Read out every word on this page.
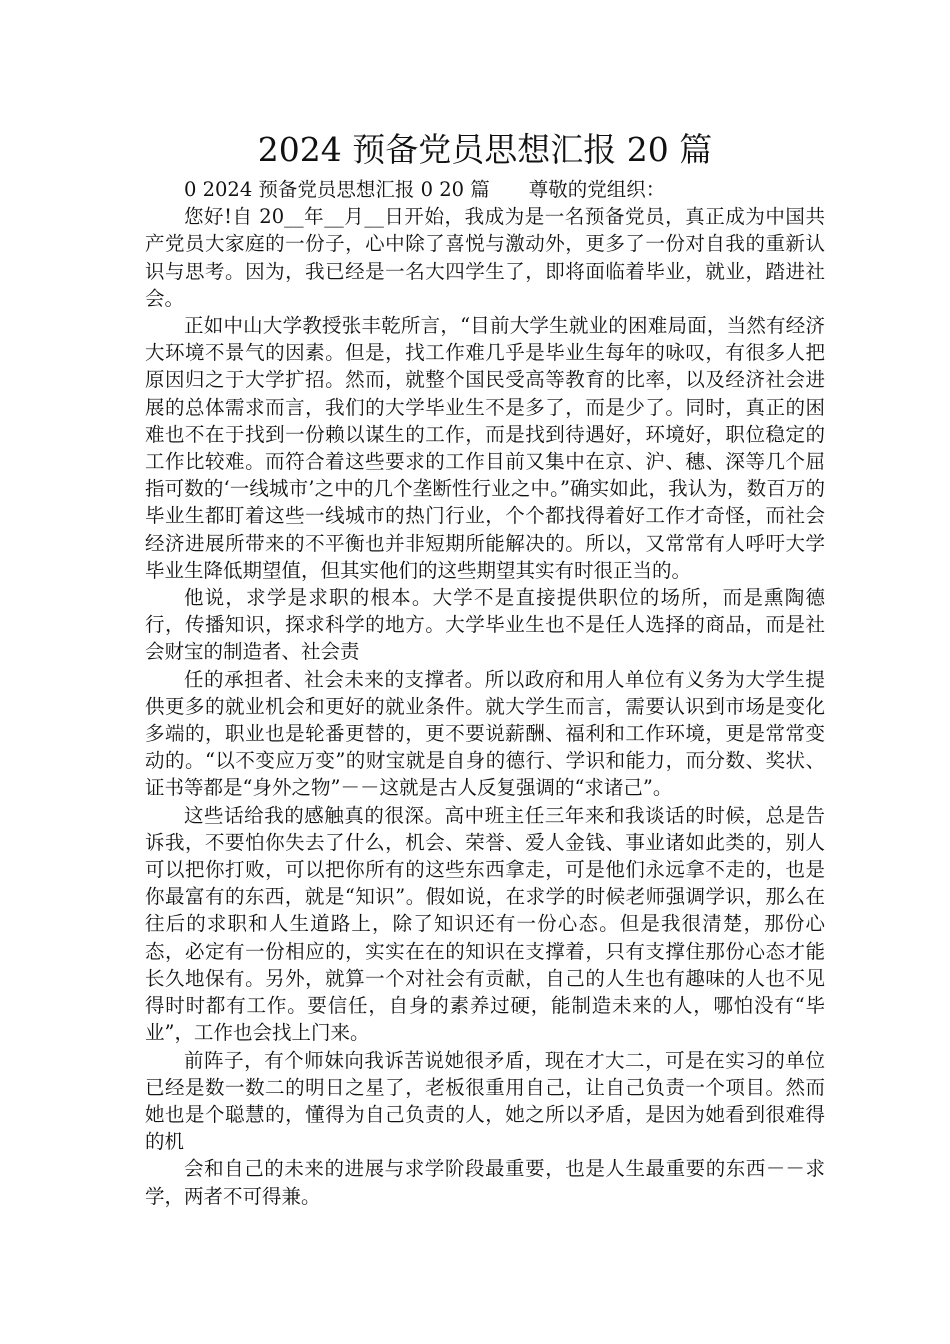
2024 预备党员思想汇报 20 篇

0 2024 预备党员思想汇报 0 20 篇　　尊敬的党组织：

您好!自 20__年__月__日开始，我成为是一名预备党员，真正成为中国共产党员大家庭的一份子，心中除了喜悦与激动外，更多了一份对自我的重新认识与思考。因为，我已经是一名大四学生了，即将面临着毕业，就业，踏进社会。

正如中山大学教授张丰乾所言，“目前大学生就业的困难局面，当然有经济大环境不景气的因素。但是，找工作难几乎是毕业生每年的咏叹，有很多人把原因归之于大学扩招。然而，就整个国民受高等教育的比率，以及经济社会进展的总体需求而言，我们的大学毕业生不是多了，而是少了。同时，真正的困难也不在于找到一份赖以谋生的工作，而是找到待遇好，环境好，职位稳定的工作比较难。而符合着这些要求的工作目前又集中在京、沪、穗、深等几个屈指可数的‘一线城市’之中的几个垄断性行业之中。”确实如此，我认为，数百万的毕业生都盯着这些一线城市的热门行业，个个都找得着好工作才奇怪，而社会经济进展所带来的不平衡也并非短期所能解决的。所以，又常常有人呼吁大学毕业生降低期望值，但其实他们的这些期望其实有时很正当的。

他说，求学是求职的根本。大学不是直接提供职位的场所，而是熏陶德行，传播知识，探求科学的地方。大学毕业生也不是任人选择的商品，而是社会财宝的制造者、社会责

任的承担者、社会未来的支撑者。所以政府和用人单位有义务为大学生提供更多的就业机会和更好的就业条件。就大学生而言，需要认识到市场是变化多端的，职业也是轮番更替的，更不要说薪酬、福利和工作环境，更是常常变动的。“以不变应万变”的财宝就是自身的德行、学识和能力，而分数、奖状、证书等都是“身外之物”－－这就是古人反复强调的“求诸己”。

这些话给我的感触真的很深。高中班主任三年来和我谈话的时候，总是告诉我，不要怕你失去了什么，机会、荣誉、爱人金钱、事业诸如此类的，别人可以把你打败，可以把你所有的这些东西拿走，可是他们永远拿不走的，也是你最富有的东西，就是“知识”。假如说，在求学的时候老师强调学识，那么在往后的求职和人生道路上，除了知识还有一份心态。但是我很清楚，那份心态，必定有一份相应的，实实在在的知识在支撑着，只有支撑住那份心态才能长久地保有。另外，就算一个对社会有贡献，自己的人生也有趣味的人也不见得时时都有工作。要信任，自身的素养过硬，能制造未来的人，哪怕没有“毕业”，工作也会找上门来。

前阵子，有个师妹向我诉苦说她很矛盾，现在才大二，可是在实习的单位已经是数一数二的明日之星了，老板很重用自己，让自己负责一个项目。然而她也是个聪慧的，懂得为自己负责的人，她之所以矛盾，是因为她看到很难得的机

会和自己的未来的进展与求学阶段最重要，也是人生最重要的东西－－求学，两者不可得兼。
